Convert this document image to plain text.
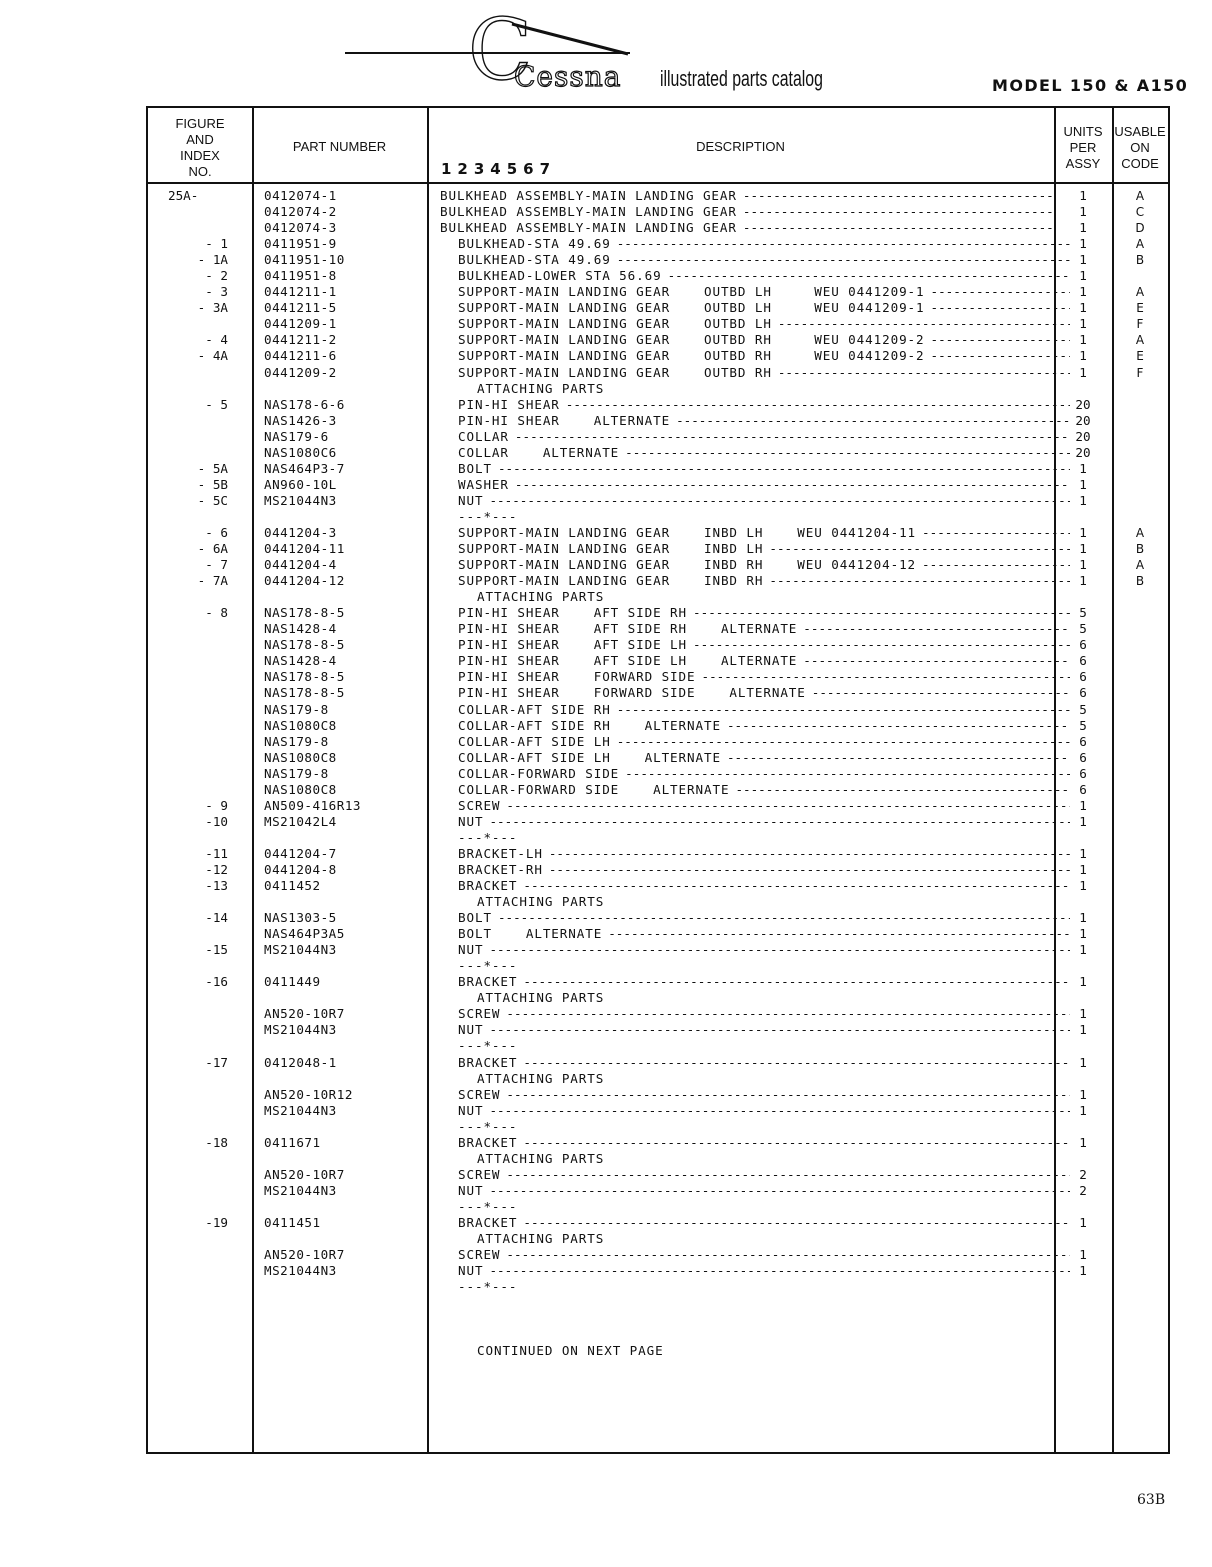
C
Cessna illustrated parts catalog	MODEL 150 & A150
FIGURE
AND
INDEX
NO.
PART NUMBER	DESCRIPTION
1234567
UNITS
PER
ASSY
USABLE
ON
CODE
25A-	0412074-1	BULKHEAD ASSEMBLY-MAIN LANDING GEAR -----	1	A
0412074-2	BULKHEAD ASSEMBLY-MAIN LANDING GEAR -----	1	C
0412074-3	BULKHEAD ASSEMBLY-MAIN LANDING GEAR -----	1	D
- 1	0411951-9	BULKHEAD-STA 49.69 -----	1	A
- 1A	0411951-10	BULKHEAD-STA 49.69 -----	1	B
- 2	0411951-8	BULKHEAD-LOWER STA 56.69 -----	1
- 3	0441211-1	SUPPORT-MAIN LANDING GEAR    OUTBD LH     WEU 0441209-1 -----	1	A
- 3A	0441211-5	SUPPORT-MAIN LANDING GEAR    OUTBD LH     WEU 0441209-1 -----	1	E
0441209-1	SUPPORT-MAIN LANDING GEAR    OUTBD LH -----	1	F
- 4	0441211-2	SUPPORT-MAIN LANDING GEAR    OUTBD RH     WEU 0441209-2 -----	1	A
- 4A	0441211-6	SUPPORT-MAIN LANDING GEAR    OUTBD RH     WEU 0441209-2 -----	1	E
0441209-2	SUPPORT-MAIN LANDING GEAR    OUTBD RH -----	1	F
ATTACHING PARTS
- 5	NAS178-6-6	PIN-HI SHEAR -----	20
NAS1426-3	PIN-HI SHEAR    ALTERNATE -----	20
NAS179-6	COLLAR -----	20
NAS1080C6	COLLAR    ALTERNATE -----	20
- 5A	NAS464P3-7	BOLT -----	1
- 5B	AN960-10L	WASHER -----	1
- 5C	MS21044N3	NUT -----	1
---*---
- 6	0441204-3	SUPPORT-MAIN LANDING GEAR    INBD LH    WEU 0441204-11 -----	1	A
- 6A	0441204-11	SUPPORT-MAIN LANDING GEAR    INBD LH -----	1	B
- 7	0441204-4	SUPPORT-MAIN LANDING GEAR    INBD RH    WEU 0441204-12 -----	1	A
- 7A	0441204-12	SUPPORT-MAIN LANDING GEAR    INBD RH -----	1	B
ATTACHING PARTS
- 8	NAS178-8-5	PIN-HI SHEAR    AFT SIDE RH -----	5
NAS1428-4	PIN-HI SHEAR    AFT SIDE RH    ALTERNATE -----	5
NAS178-8-5	PIN-HI SHEAR    AFT SIDE LH -----	6
NAS1428-4	PIN-HI SHEAR    AFT SIDE LH    ALTERNATE -----	6
NAS178-8-5	PIN-HI SHEAR    FORWARD SIDE -----	6
NAS178-8-5	PIN-HI SHEAR    FORWARD SIDE    ALTERNATE -----	6
NAS179-8	COLLAR-AFT SIDE RH -----	5
NAS1080C8	COLLAR-AFT SIDE RH    ALTERNATE -----	5
NAS179-8	COLLAR-AFT SIDE LH -----	6
NAS1080C8	COLLAR-AFT SIDE LH    ALTERNATE -----	6
NAS179-8	COLLAR-FORWARD SIDE -----	6
NAS1080C8	COLLAR-FORWARD SIDE    ALTERNATE -----	6
- 9	AN509-416R13	SCREW -----	1
-10	MS21042L4	NUT -----	1
---*---
-11	0441204-7	BRACKET-LH -----	1
-12	0441204-8	BRACKET-RH -----	1
-13	0411452	BRACKET -----	1
ATTACHING PARTS
-14	NAS1303-5	BOLT -----	1
NAS464P3A5	BOLT    ALTERNATE -----	1
-15	MS21044N3	NUT -----	1
---*---
-16	0411449	BRACKET -----	1
ATTACHING PARTS
AN520-10R7	SCREW -----	1
MS21044N3	NUT -----	1
---*---
-17	0412048-1	BRACKET -----	1
ATTACHING PARTS
AN520-10R12	SCREW -----	1
MS21044N3	NUT -----	1
---*---
-18	0411671	BRACKET -----	1
ATTACHING PARTS
AN520-10R7	SCREW -----	2
MS21044N3	NUT -----	2
---*---
-19	0411451	BRACKET -----	1
ATTACHING PARTS
AN520-10R7	SCREW -----	1
MS21044N3	NUT -----	1
---*---
CONTINUED ON NEXT PAGE
63B
